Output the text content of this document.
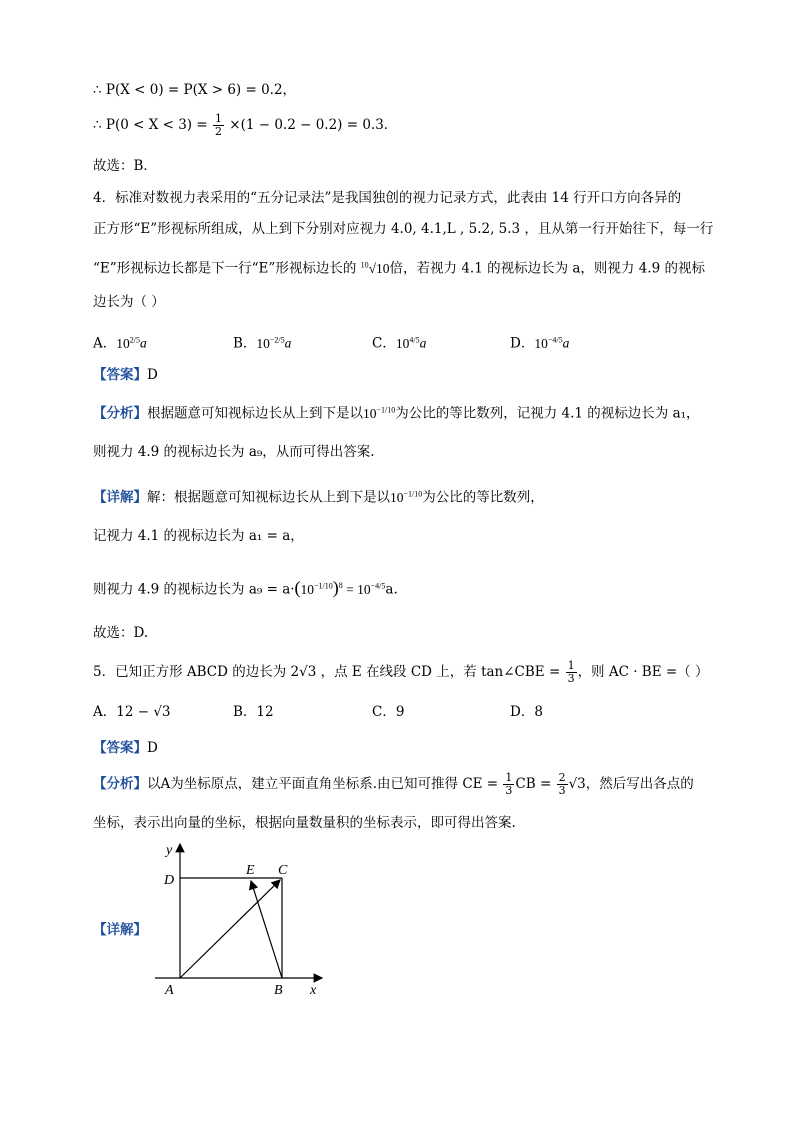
∴ P(X < 0) = P(X > 6) = 0.2，
∴ $P(0 < X < 3) = \frac{1}{2} \times(1 - 0.2 - 0.2) = 0.3$．
故选：B．
4．标准对数视力表采用的“五分记录法”是我国独创的视力记录方式，此表由 14 行开口方向各异的
正方形“E”形视标所组成，从上到下分别对应视力 4.0, 4.1,L , 5.2, 5.3 ，且从第一行开始往下，每一行
“E”形视标边长都是下一行“E”形视标边长的 $^{10}$√10倍，若视力 4.1 的视标边长为 a，则视力 4.9 的视标
边长为（ ）
A．$10^{2/5}a$	B．$10^{-2/5}a$	C．$10^{4/5}a$	D．$10^{-4/5}a$
【答案】D
【分析】根据题意可知视标边长从上到下是以$10^{-1/10}$为公比的等比数列，记视力 4.1 的视标边长为 a₁，
则视力 4.9 的视标边长为 a₉，从而可得出答案.
【详解】解：根据题意可知视标边长从上到下是以$10^{-1/10}$为公比的等比数列，
记视力 4.1 的视标边长为 a₁ = a，
则视力 4.9 的视标边长为 $a_9 = a\cdot(10^{-1/10})^8 = 10^{-4/5}a$.
故选：D.
5．已知正方形 ABCD 的边长为 2√3 ，点 E 在线段 CD 上，若 tan∠CBE = $\frac{1}{3}$ ，则 AC · BE =（ ）
A．12 − √3	B．12	C．9	D．8
【答案】D
【分析】以A为坐标原点，建立平面直角坐标系.由已知可推得 CE = $\frac{1}{3}$ CB = $\frac{2}{3} √3$，然后写出各点的
坐标，表示出向量的坐标，根据向量数量积的坐标表示，即可得出答案.
【详解】
y
x
A	B
C
D
E
